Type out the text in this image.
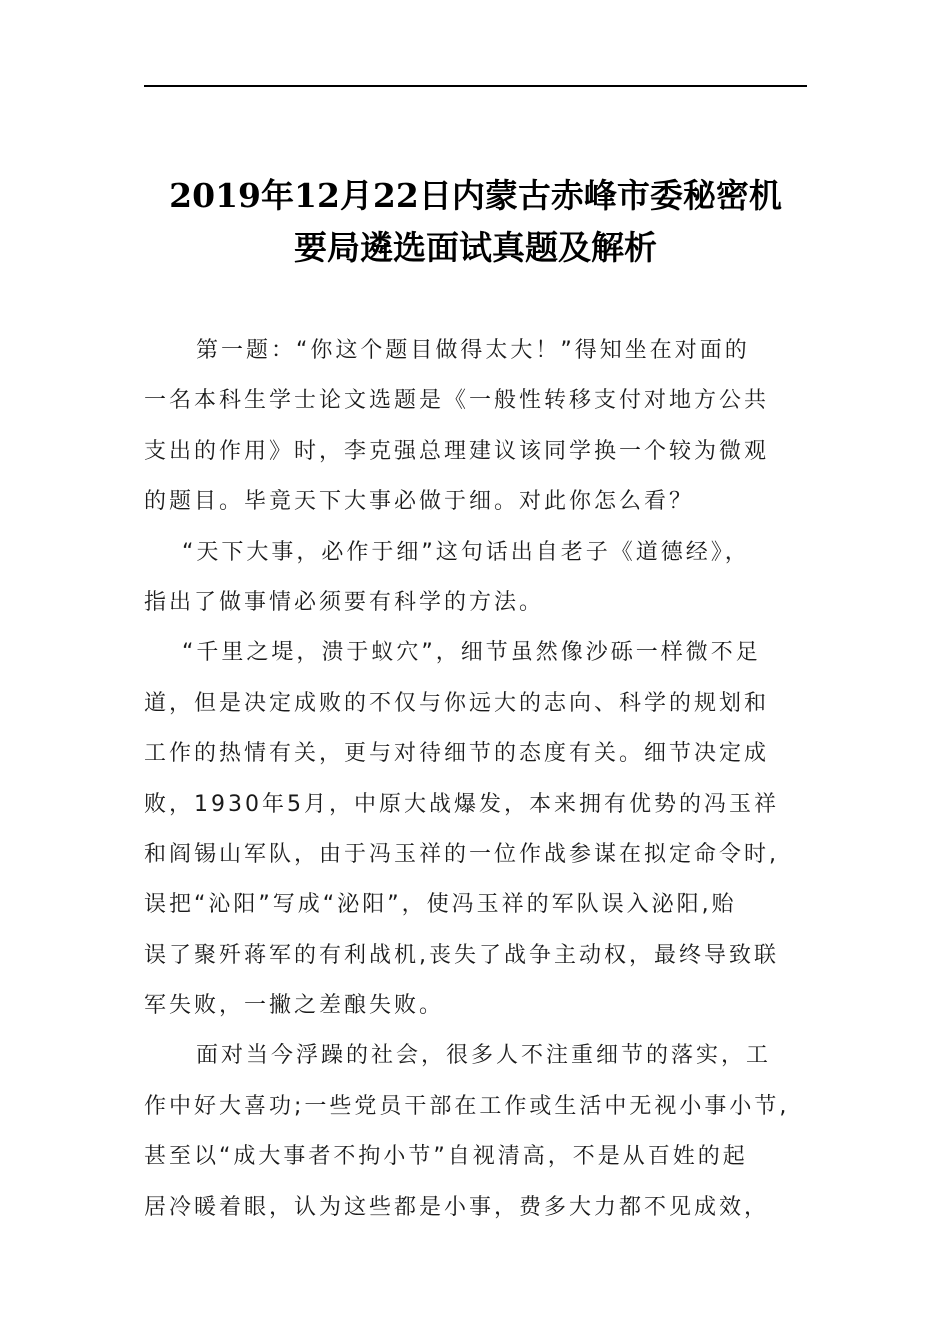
2019年12月22日内蒙古赤峰市委秘密机
要局遴选面试真题及解析
第一题：“你这个题目做得太大！”得知坐在对面的
一名本科生学士论文选题是《一般性转移支付对地方公共
支出的作用》时，李克强总理建议该同学换一个较为微观
的题目。毕竟天下大事必做于细。对此你怎么看？
“天下大事，必作于细”这句话出自老子《道德经》，
指出了做事情必须要有科学的方法。
“千里之堤，溃于蚁穴”，细节虽然像沙砾一样微不足
道，但是决定成败的不仅与你远大的志向、科学的规划和
工作的热情有关，更与对待细节的态度有关。细节决定成
败，1930年5月，中原大战爆发，本来拥有优势的冯玉祥
和阎锡山军队，由于冯玉祥的一位作战参谋在拟定命令时,
误把“沁阳”写成“泌阳”，使冯玉祥的军队误入泌阳,贻
误了聚歼蒋军的有利战机,丧失了战争主动权，最终导致联
军失败，一撇之差酿失败。
面对当今浮躁的社会，很多人不注重细节的落实，工
作中好大喜功;一些党员干部在工作或生活中无视小事小节,
甚至以“成大事者不拘小节”自视清高，不是从百姓的起
居冷暖着眼，认为这些都是小事，费多大力都不见成效，
